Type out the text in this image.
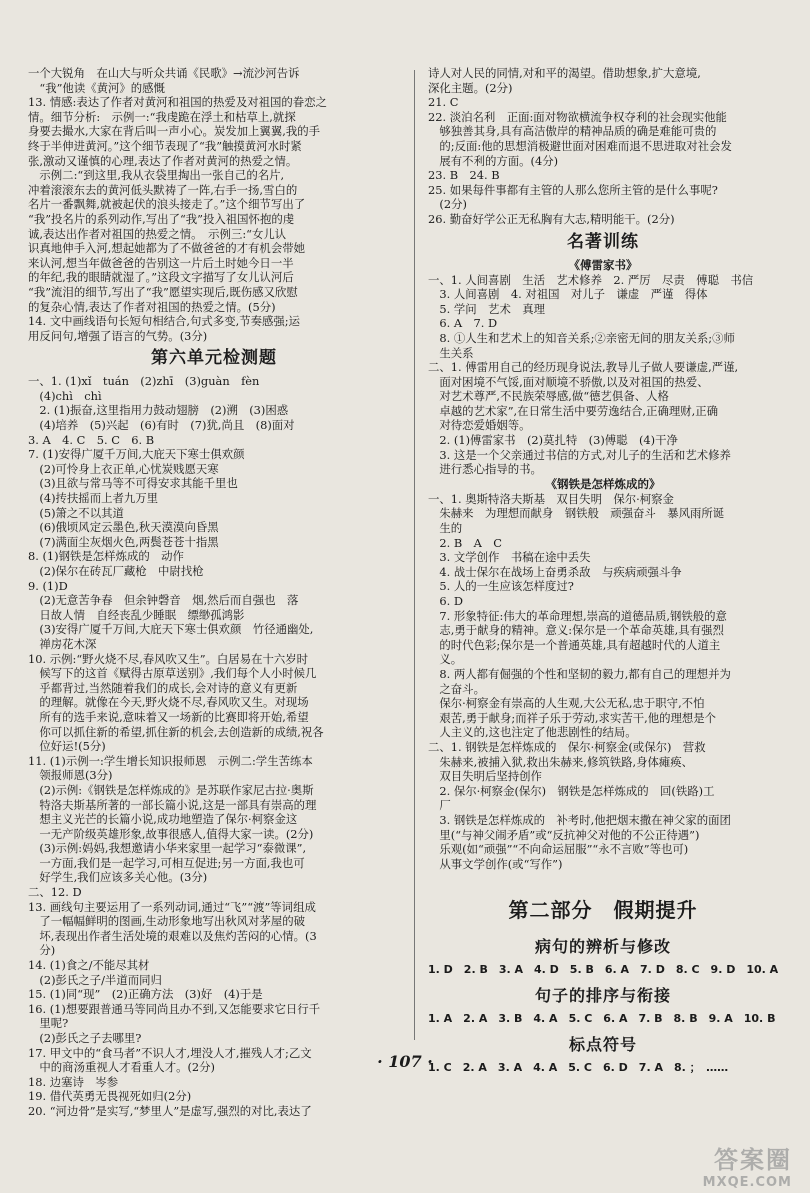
一个大锐角　在山大与听众共诵《民歌》→流沙河告诉
　“我”他读《黄河》的感慨
13. 情感:表达了作者对黄河和祖国的热爱及对祖国的眷恋之
情。细节分析:　示例一:“我虔跪在浮土和枯草上,就探
身要去撮水,大家在背后叫一声小心。炭发加上翼翼,我的手
终于半伸进黄河。”这个细节表现了“我”触摸黄河水时紧
张,激动又谨慎的心理,表达了作者对黄河的热爱之情。
　示例二:“到这里,我从衣袋里掏出一张自己的名片,
冲着滚滚东去的黄河低头默祷了一阵,右手一扬,雪白的
名片一番飘舞,就被起伏的浪头接走了。”这个细节写出了
“我”投名片的系列动作,写出了“我”投入祖国怀抱的虔
诚,表达出作者对祖国的热爱之情。　示例三:“女儿认
识真地伸手入河,想起她都为了不做爸爸的才有机会带她
来认河,想当年做爸爸的告别这一片后土时她今日一半
的年纪,我的眼睛就湿了。”这段文字描写了女儿认河后
“我”流泪的细节,写出了“我”愿望实现后,既伤感又欣慰
的复杂心情,表达了作者对祖国的热爱之情。(5分)
14. 文中画线语句长短句相结合,句式多变,节奏感强;运
用反问句,增强了语言的气势。(3分)
第六单元检测题
一、1. (1)xǐ　tuán　(2)zhī　(3)guàn　fèn
　(4)chì　chì
　2. (1)振奋,这里指用力鼓动翅膀　(2)溯　(3)困惑
　(4)培养　(5)兴起　(6)有时　(7)犹,尚且　(8)面对
3. A　4. C　5. C　6. B
7. (1)安得广厦千万间,大庇天下寒士俱欢颜
　(2)可怜身上衣正单,心忧炭贱愿天寒
　(3)且欲与常马等不可得安求其能千里也
　(4)抟扶摇而上者九万里
　(5)箫之不以其道
　(6)俄顷风定云墨色,秋天漠漠向昏黑
　(7)满面尘灰烟火色,两鬓苍苍十指黑
8. (1)钢铁是怎样炼成的　动作
　(2)保尔在砖瓦厂藏枪　中尉找枪
9. (1)D
　(2)无意苦争春　但余钟磬音　烟,然后而自强也　落
　日故人情　自经丧乱少睡眠　缥缈孤鸿影
　(3)安得广厦千万间,大庇天下寒士俱欢颜　竹径通幽处,
　禅房花木深
10. 示例:“野火烧不尽,春风吹又生”。白居易在十六岁时
　候写下的这首《赋得古原草送别》,我们每个人小时候几
　乎都背过,当然随着我们的成长,会对诗的意义有更新
　的理解。就像在今天,野火烧不尽,春风吹又生。对现场
　所有的选手来说,意味着又一场新的比赛即将开始,希望
　你可以抓住新的希望,抓住新的机会,去创造新的成绩,祝各
　位好运!(5分)
11. (1)示例一:学生增长知识报师恩　示例二:学生苦练本
　领报师恩(3分)
　(2)示例:《钢铁是怎样炼成的》是苏联作家尼古拉·奥斯
　特洛夫斯基所著的一部长篇小说,这是一部具有崇高的理
　想主义光芒的长篇小说,成功地塑造了保尔·柯察金这
　一无产阶级英雄形象,故事很感人,值得大家一读。(2分)
　(3)示例:妈妈,我想邀请小华来家里一起学习“泰微课”,
　一方面,我们是一起学习,可相互促进;另一方面,我也可
　好学生,我们应该多关心他。(3分)
二、12. D
13. 画线句主要运用了一系列动词,通过“飞”“渡”等词组成
　了一幅幅鲜明的图画,生动形象地写出秋风对茅屋的破
　坏,表现出作者生活处境的艰难以及焦灼苦闷的心情。(3
　分)
14. (1)食之/不能尽其材
　(2)彭氏之子/半道而同归
15. (1)同“现”　(2)正确方法　(3)好　(4)于是
16. (1)想要跟普通马等同尚且办不到,又怎能要求它日行千
　里呢?
　(2)彭氏之子去哪里?
17. 甲文中的“食马者”不识人才,埋没人才,摧残人才;乙文
　中的商汤重视人才看重人才。(2分)
18. 边塞诗　岑参
19. 借代英勇无畏视死如归(2分)
20. “河边骨”是实写,“梦里人”是虚写,强烈的对比,表达了
诗人对人民的同情,对和平的渴望。借助想象,扩大意境,
深化主题。(2分)
21. C
22. 淡泊名利　正面:面对物欲横流争权夺利的社会现实他能
　够独善其身,具有高洁傲岸的精神品质的确是难能可贵的
　的;反面:他的思想消极避世面对困难而退不思进取对社会发
　展有不利的方面。(4分)
23. B　24. B
25. 如果每件事都有主管的人那么您所主管的是什么事呢?
　(2分)
26. 勤奋好学公正无私胸有大志,精明能干。(2分)
名著训练
《傅雷家书》
一、1. 人间喜剧　生活　艺术修养　2. 严厉　尽责　傅聪　书信
　3. 人间喜剧　4. 对祖国　对儿子　谦虚　严谨　得体
　5. 学问　艺术　真理
　6. A　7. D
　8. ①人生和艺术上的知音关系;②亲密无间的朋友关系;③师
　生关系
二、1. 傅雷用自己的经历现身说法,教导儿子做人要谦虚,严谨,
　面对困境不气馁,面对顺境不骄傲,以及对祖国的热爱、
　对艺术尊严,不民族荣辱感,做“德艺俱备、人格
　卓越的艺术家”,在日常生活中要劳逸结合,正确理财,正确
　对待恋爱婚姻等。
　2. (1)傅雷家书　(2)莫扎特　(3)傅聪　(4)干净
　3. 这是一个父亲通过书信的方式,对儿子的生活和艺术修养
　进行悉心指导的书。
《钢铁是怎样炼成的》
一、1. 奥斯特洛夫斯基　双目失明　保尔·柯察金
　朱赫来　为理想而献身　钢铁般　顽强奋斗　暴风雨所诞
　生的
　2. B　A　C
　3. 文学创作　书稿在途中丢失
　4. 战士保尔在战场上奋勇杀敌　与疾病顽强斗争
　5. 人的一生应该怎样度过?
　6. D
　7. 形象特征:伟大的革命理想,崇高的道德品质,钢铁般的意
　志,勇于献身的精神。意义:保尔是一个革命英雄,具有强烈
　的时代色彩;保尔是一个普通英雄,具有超越时代的人道主
　义。
　8. 两人都有倔强的个性和坚韧的毅力,都有自己的理想并为
　之奋斗。
　保尔·柯察金有崇高的人生观,大公无私,忠于职守,不怕
　艰苦,勇于献身;而祥子乐于劳动,求实苦干,他的理想是个
　人主义的,这也注定了他悲剧性的结局。
二、1. 钢铁是怎样炼成的　保尔·柯察金(或保尔)　营救
　朱赫来,被捕入狱,救出朱赫来,修筑铁路,身体瘫痪、
　双目失明后坚持创作
　2. 保尔·柯察金(保尔)　钢铁是怎样炼成的　回(铁路)工
　厂
　3. 钢铁是怎样炼成的　补考时,他把烟末撒在神父家的面团
　里(“与神父闹矛盾”或“反抗神父对他的不公正待遇”)
　乐观(如“顽强”“不向命运屈服”“永不言败”等也可)
　从事文学创作(或“写作”)
第二部分　假期提升
病句的辨析与修改
1. D　2. B　3. A　4. D　5. B　6. A　7. D　8. C　9. D　10. A
句子的排序与衔接
1. A　2. A　3. B　4. A　5. C　6. A　7. B　8. B　9. A　10. B
标点符号
1. C　2. A　3. A　4. A　5. C　6. D　7. A　8. ；　……
· 107 ·
答案圈
MXQE.COM
